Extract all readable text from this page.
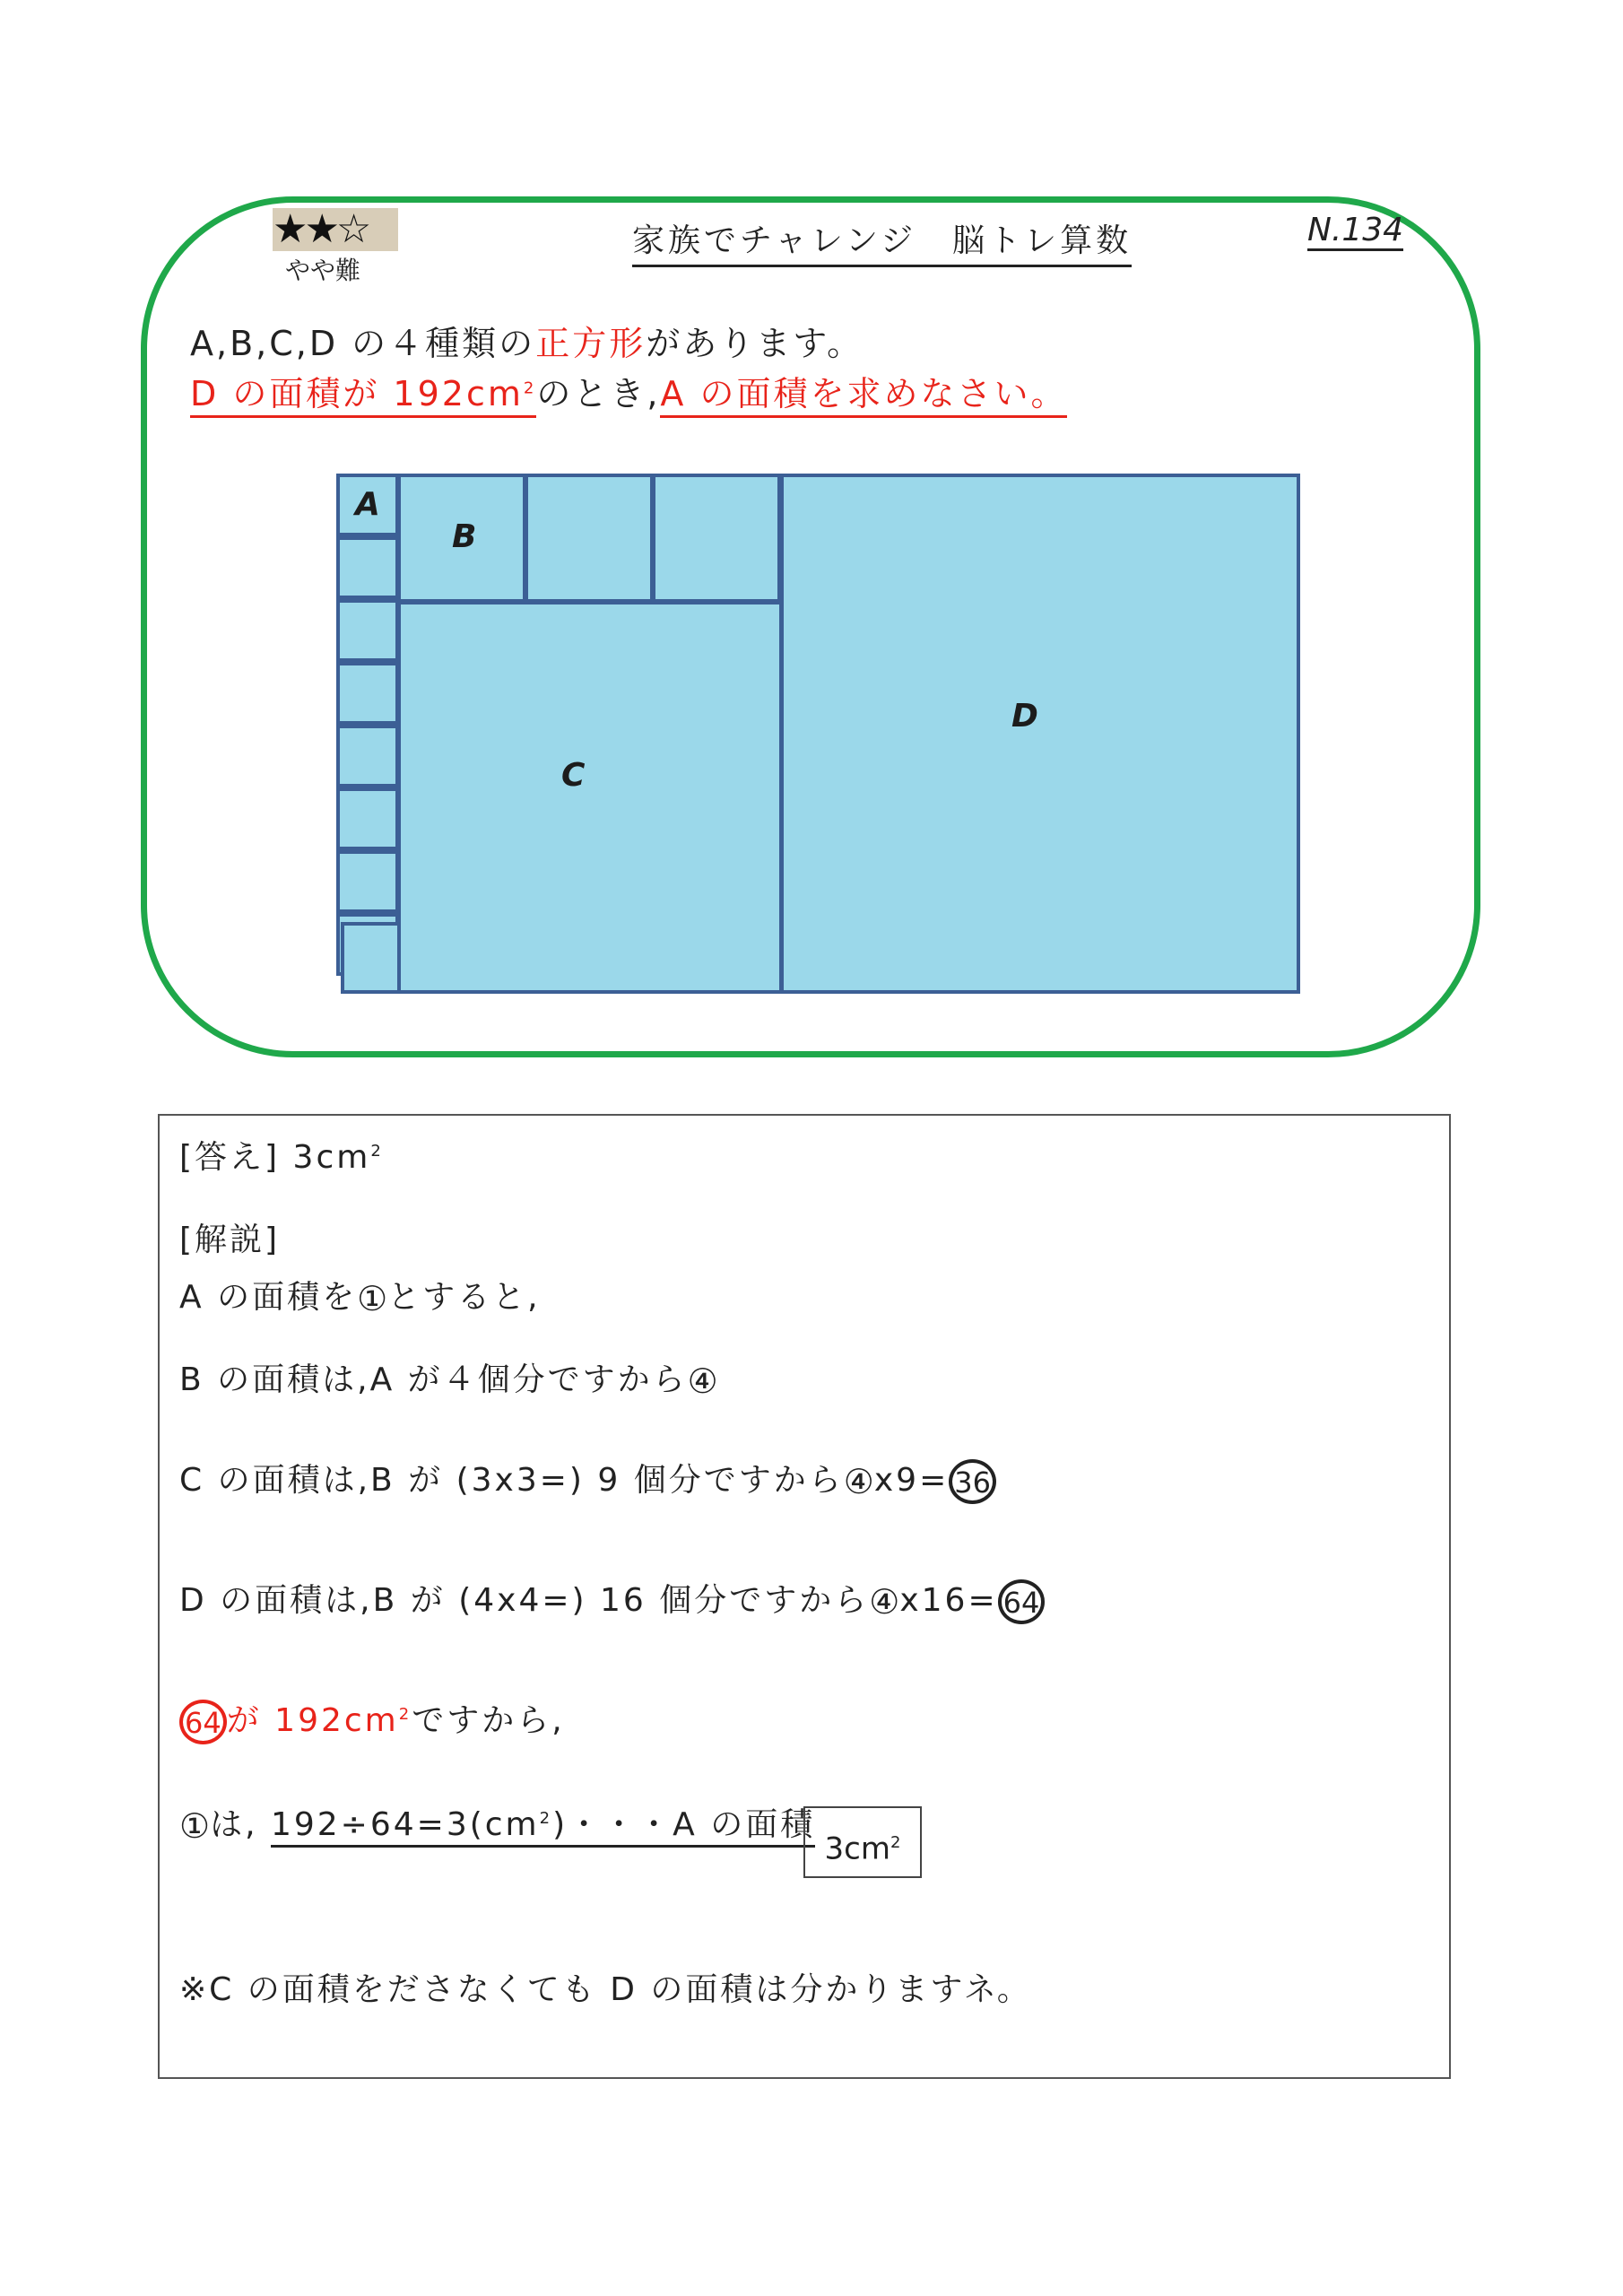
★★☆
やや難
家族でチャレンジ　脳トレ算数	N.134
A,B,C,D の４種類の正方形があります。
D の面積が $192cm^2$のとき,A の面積を求めなさい。
A
B
C
D
[答え] $3cm^2$
[解説]
A の面積を①とすると,
B の面積は,A が４個分ですから④
C の面積は,B が (3x3=) 9 個分ですから④x9= 36
D の面積は,B が (4x4=) 16 個分ですから④x16= 64
64 が $192cm^2$ですから,
①は, $192\div 64=3(cm^2)$・・・A の面積
$3cm^2$
※C の面積をださなくても D の面積は分かりますネ。
